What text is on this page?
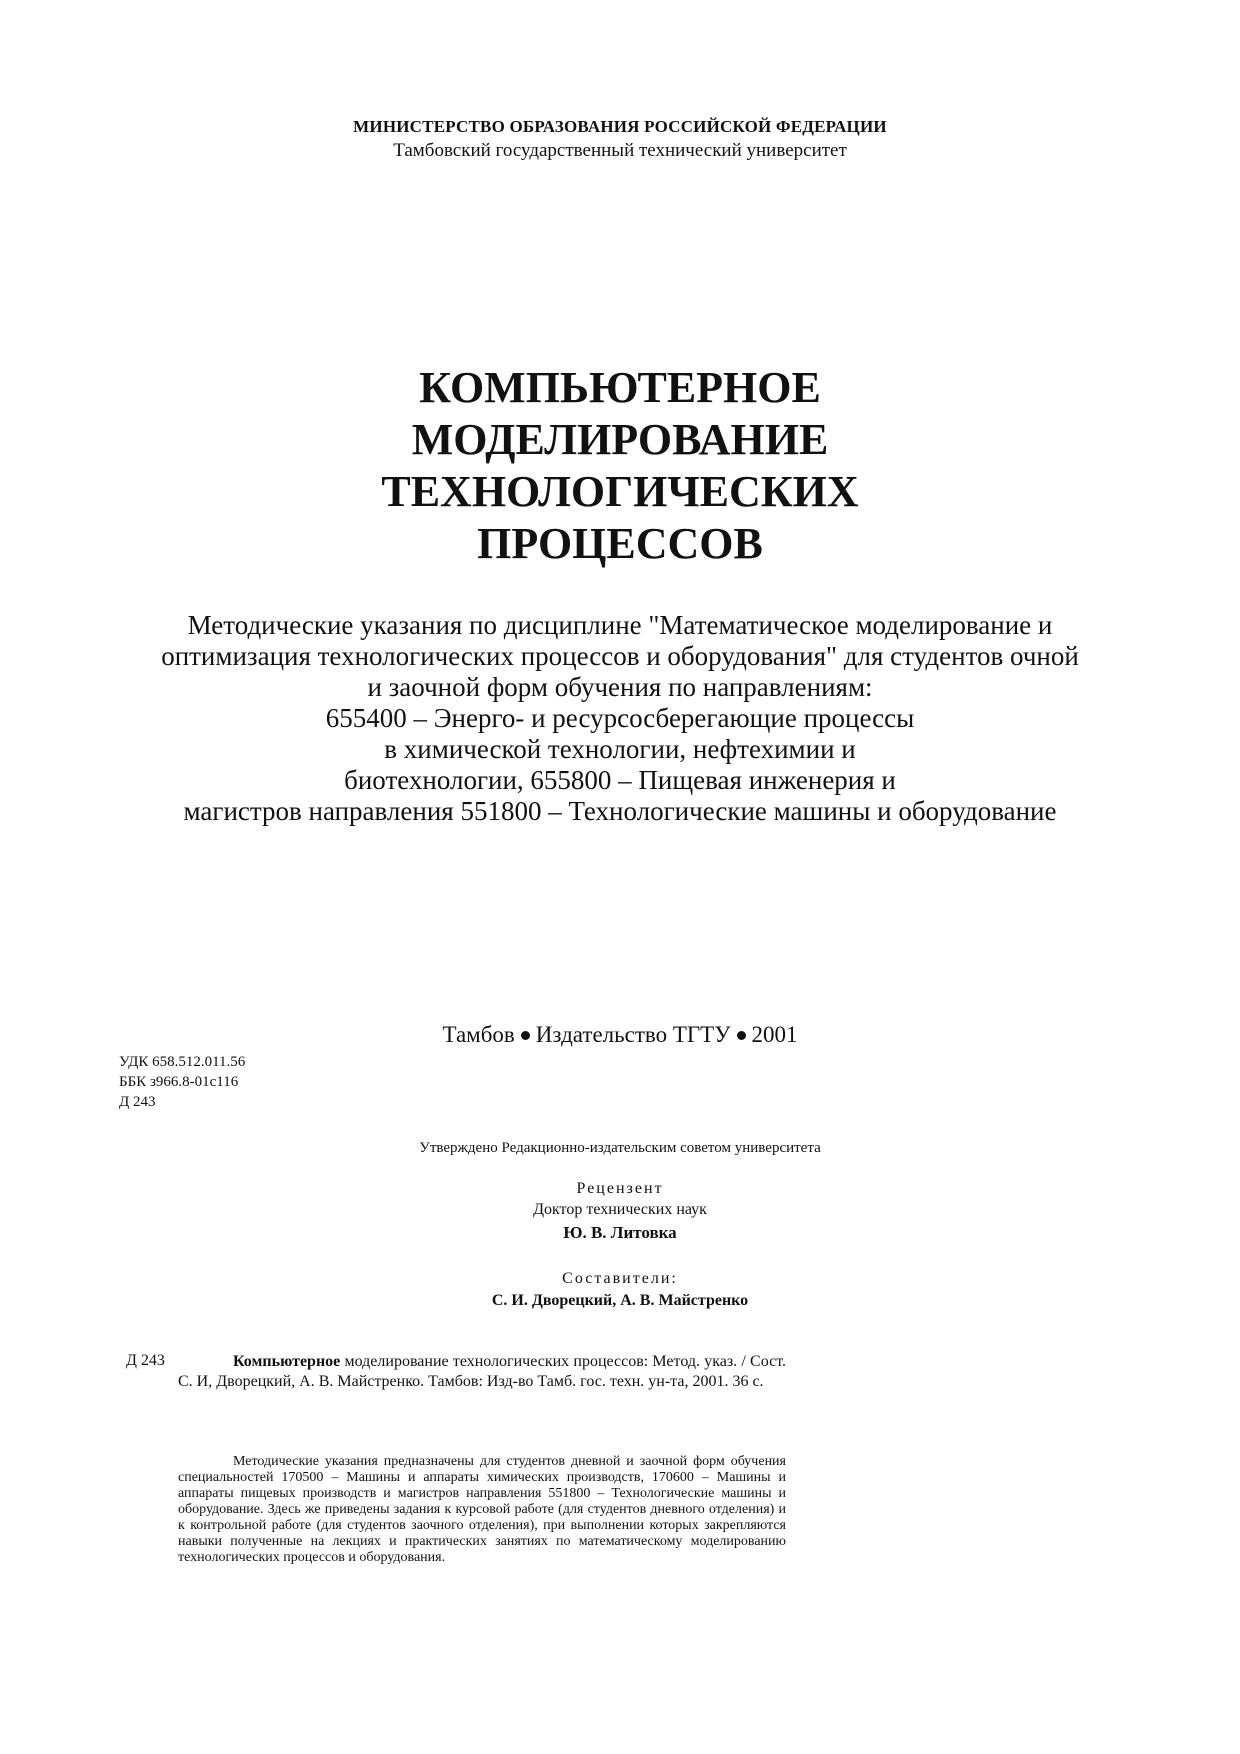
МИНИСТЕРСТВО ОБРАЗОВАНИЯ РОССИЙСКОЙ ФЕДЕРАЦИИ
Тамбовский государственный технический университет
КОМПЬЮТЕРНОЕ
МОДЕЛИРОВАНИЕ
ТЕХНОЛОГИЧЕСКИХ
ПРОЦЕССОВ
Методические указания по дисциплине "Математическое моделирование и
оптимизация технологических процессов и оборудования" для студентов очной
и заочной форм обучения по направлениям:
655400 – Энерго- и ресурсосберегающие процессы
в химической технологии, нефтехимии и
биотехнологии, 655800 – Пищевая инженерия и
магистров направления 551800 – Технологические машины и оборудование
Тамбов Издательство ТГТУ 2001
УДК 658.512.011.56
ББК з966.8-01с116
Д 243
Утверждено Редакционно-издательским советом университета
Рецензент
Доктор технических наук
Ю. В. Литовка
Составители:
С. И. Дворецкий, А. В. Майстренко
Д 243	Компьютерное моделирование технологических процессов: Метод. указ. / Сост. С. И, Дворецкий, А. В. Майстренко. Тамбов: Изд-во Тамб. гос. техн. ун-та, 2001. 36 с.
Методические указания предназначены для студентов дневной и заочной форм обучения специальностей 170500 – Машины и аппараты химических производств, 170600 – Машины и аппараты пищевых производств и магистров направления 551800 – Технологические машины и оборудование. Здесь же приведены задания к курсовой работе (для студентов дневного отделения) и к контрольной работе (для студентов заочного отделения), при выполнении которых закрепляются навыки полученные на лекциях и практических занятиях по математическому моделированию технологических процессов и оборудования.
